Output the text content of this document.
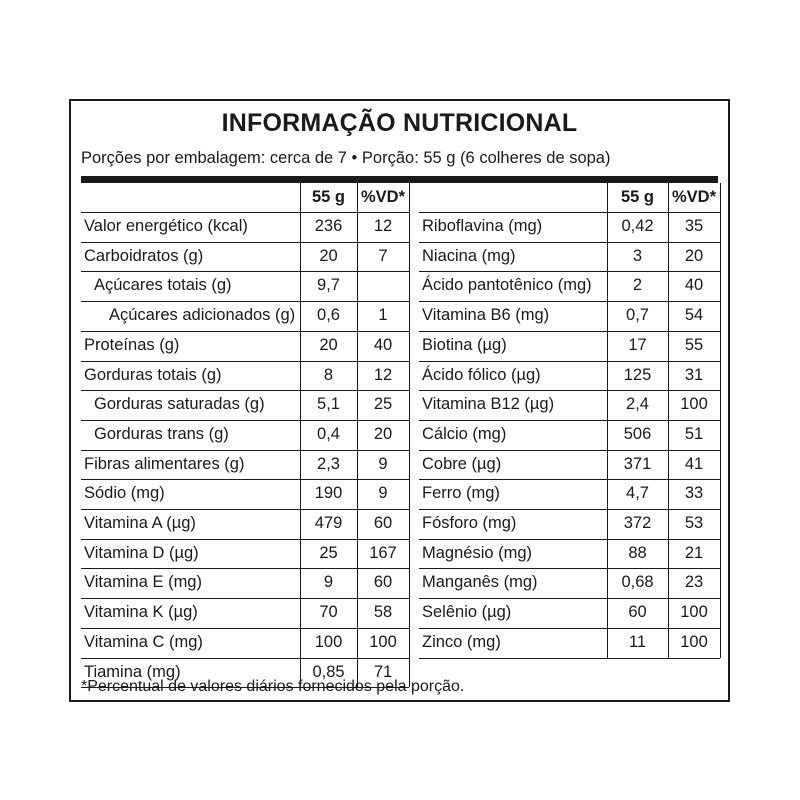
INFORMAÇÃO NUTRICIONAL
Porções por embalagem: cerca de 7 • Porção: 55 g (6 colheres de sopa)
55 g %VD*
Valor energético (kcal)	236	12
Carboidratos (g)	20	7
Açúcares totais (g)	9,7
Açúcares adicionados (g)	0,6	1
Proteínas (g)	20	40
Gorduras totais (g)	8	12
Gorduras saturadas (g)	5,1	25
Gorduras trans (g)	0,4	20
Fibras alimentares (g)	2,3	9
Sódio (mg)	190	9
Vitamina A (µg)	479	60
Vitamina D (µg)	25	167
Vitamina E (mg)	9	60
Vitamina K (µg)	70	58
Vitamina C (mg)	100	100
Tiamina (mg)	0,85	71
55 g	%VD*
Riboflavina (mg)	0,42	35
Niacina (mg)	3	20
Ácido pantotênico (mg)	2	40
Vitamina B6 (mg)	0,7	54
Biotina (µg)	17	55
Ácido fólico (µg)	125	31
Vitamina B12 (µg)	2,4	100
Cálcio (mg)	506	51
Cobre (µg)	371	41
Ferro (mg)	4,7	33
Fósforo (mg)	372	53
Magnésio (mg)	88	21
Manganês (mg)	0,68	23
Selênio (µg)	60	100
Zinco (mg)	11	100
*Percentual de valores diários fornecidos pela porção.
